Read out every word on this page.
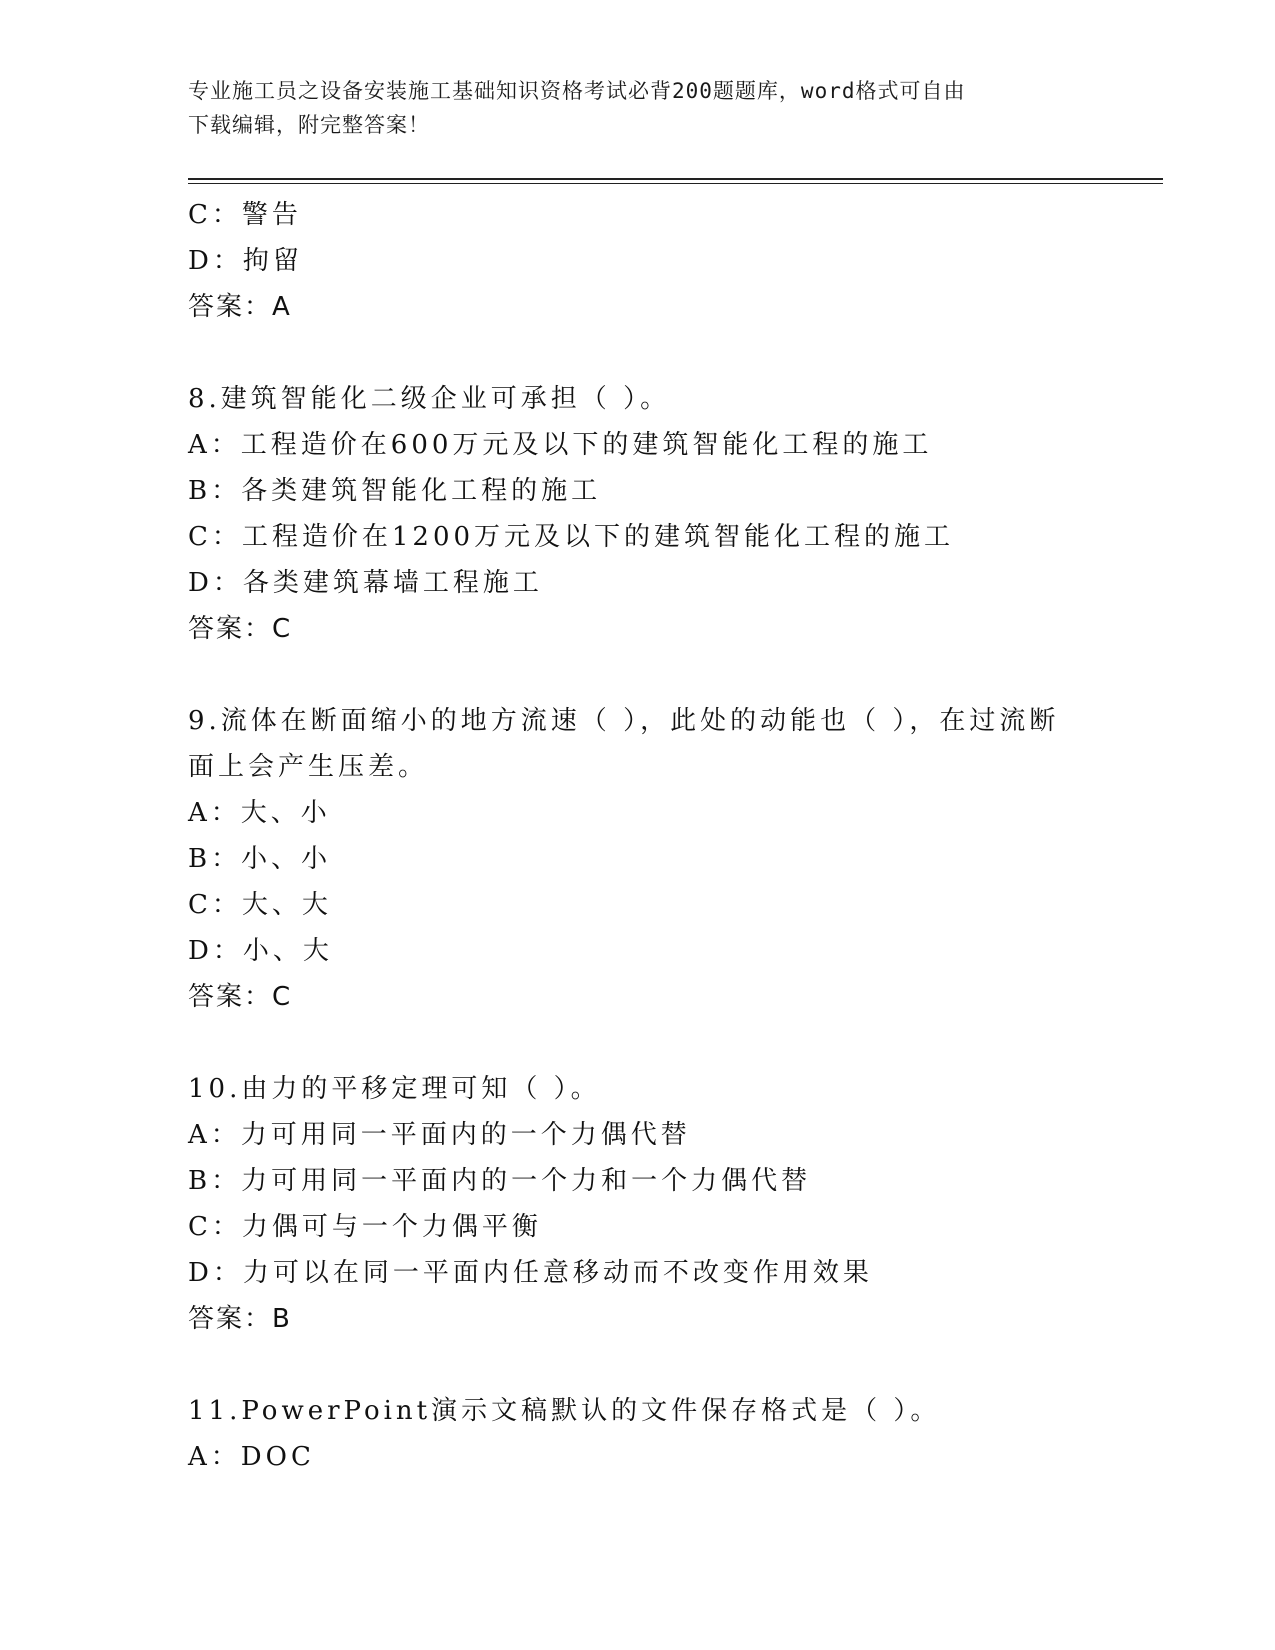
专业施工员之设备安装施工基础知识资格考试必背200题题库，word格式可自由
下载编辑，附完整答案！
C：警告
D：拘留
答案：A
8.建筑智能化二级企业可承担（ ）。
A：工程造价在600万元及以下的建筑智能化工程的施工
B：各类建筑智能化工程的施工
C：工程造价在1200万元及以下的建筑智能化工程的施工
D：各类建筑幕墙工程施工
答案：C
9.流体在断面缩小的地方流速（ ），此处的动能也（ ），在过流断
面上会产生压差。
A：大、小
B：小、小
C：大、大
D：小、大
答案：C
10.由力的平移定理可知（ ）。
A：力可用同一平面内的一个力偶代替
B：力可用同一平面内的一个力和一个力偶代替
C：力偶可与一个力偶平衡
D：力可以在同一平面内任意移动而不改变作用效果
答案：B
11.PowerPoint演示文稿默认的文件保存格式是（ ）。
A：DOC
